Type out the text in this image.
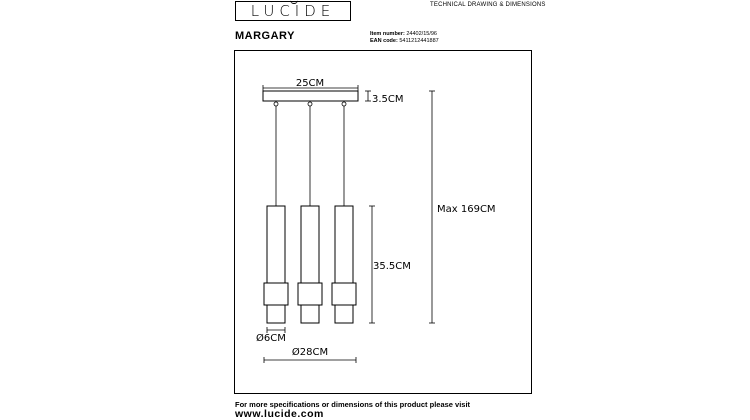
LUCIDE	TECHNICAL DRAWING & DIMENSIONS
MARGARY	Item number: 24402/15/96
EAN code: 5411212441887
25CM
3.5CM
35.5CM
Max 169CM
Ø6CM
Ø28CM
For more specifications or dimensions of this product please visit
www.lucide.com
